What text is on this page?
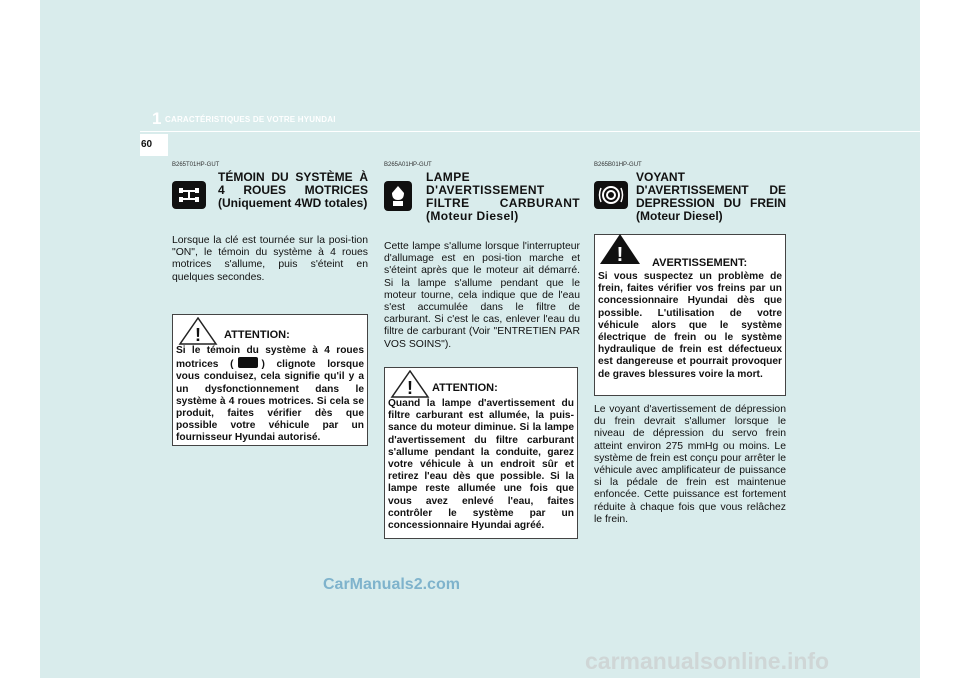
1 CARACTÉRISTIQUES DE VOTRE HYUNDAI
60
B265T01HP-GUT
TÉMOIN DU SYSTÈME À 4 ROUES MOTRICES (Uniquement 4WD totales)
Lorsque la clé est tournée sur la posi-tion "ON", le témoin du système à 4 roues motrices s'allume, puis s'éteint en quelques secondes.
! ATTENTION:
Si le témoin du système à 4 roues motrices (	) clignote lorsque vous conduisez, cela signifie qu'il y a un dysfonctionnement dans le système à 4 roues motrices. Si cela se produit, faites vérifier dès que possible votre véhicule par un fournisseur Hyundai autorisé.
B265A01HP-GUT
LAMPE D'AVERTISSEMENT FILTRE CARBURANT (Moteur Diesel)
Cette lampe s'allume lorsque l'interrupteur d'allumage est en posi-tion marche et s'éteint après que le moteur ait démarré. Si la lampe s'allume pendant que le moteur tourne, cela indique que de l'eau s'est accumulée dans le filtre de carburant. Si c'est le cas, enlever l'eau du filtre de carburant (Voir "ENTRETIEN PAR VOS SOINS").
! ATTENTION:
Quand la lampe d'avertissement du filtre carburant est allumée, la puis-sance du moteur diminue. Si la lampe d'avertissement du filtre carburant s'allume pendant la conduite, garez votre véhicule à un endroit sûr et retirez l'eau dès que possible. Si la lampe reste allumée une fois que vous avez enlevé l'eau, faites contrôler le système par un concessionnaire Hyundai agréé.
B265B01HP-GUT
VOYANT D'AVERTISSEMENT DE DEPRESSION DU FREIN (Moteur Diesel)
!	AVERTISSEMENT:
Si vous suspectez un problème de frein, faites vérifier vos freins par un concessionnaire Hyundai dès que possible. L'utilisation de votre véhicule alors que le système électrique de frein ou le système hydraulique de frein est défectueux est dangereuse et pourrait provoquer de graves blessures voire la mort.
Le voyant d'avertissement de dépression du frein devrait s'allumer lorsque le niveau de dépression du servo frein atteint environ 275 mmHg ou moins. Le système de frein est conçu pour arrêter le véhicule avec amplificateur de puissance si la pédale de frein est maintenue enfoncée. Cette puissance est fortement réduite à chaque fois que vous relâchez le frein.
CarManuals2.com
carmanualsonline.info
